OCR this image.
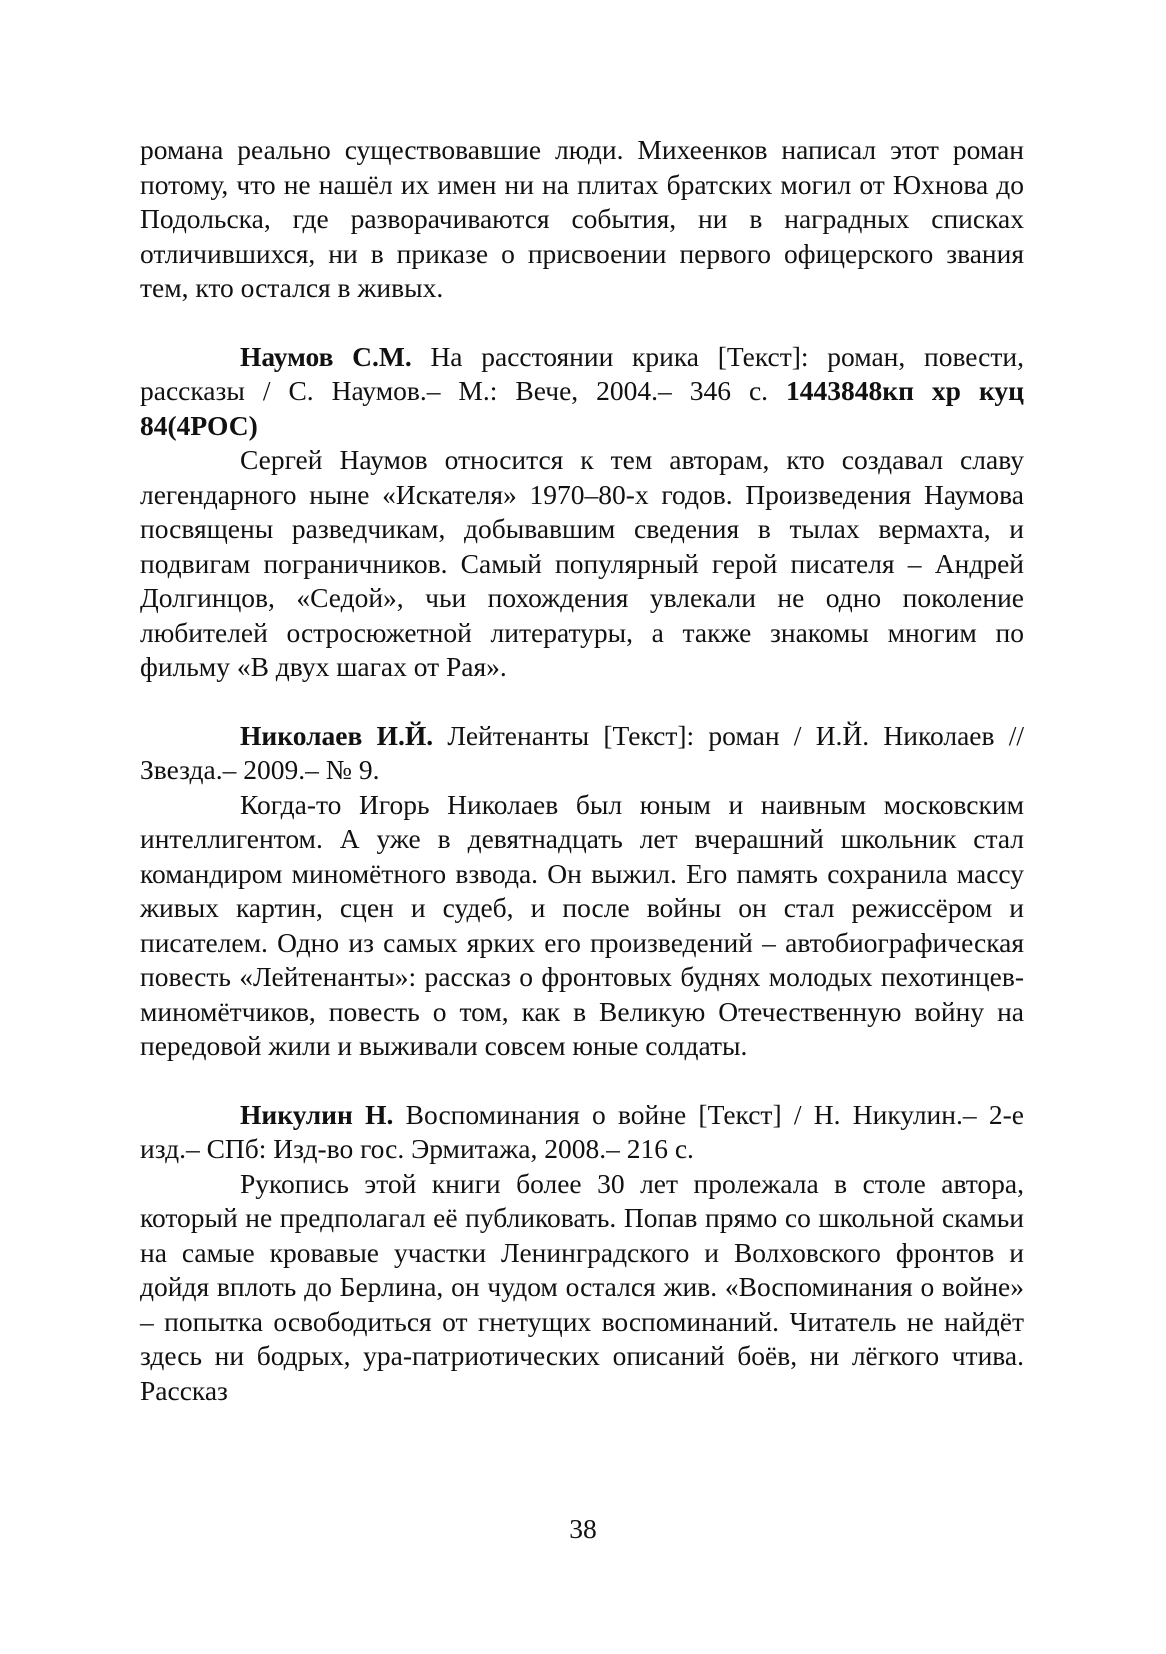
романа реально существовавшие люди. Михеенков написал этот роман потому, что не нашёл их имен ни на плитах братских могил от Юхнова до Подольска, где разворачиваются события, ни в наградных списках отличившихся, ни в приказе о присвоении первого офицерского звания тем, кто остался в живых.

Наумов С.М. На расстоянии крика [Текст]: роман, повести, рассказы / С. Наумов.– М.: Вече, 2004.– 346 с. 1443848кп хр куц 84(4РОС)

Сергей Наумов относится к тем авторам, кто создавал славу легендарного ныне «Искателя» 1970–80-х годов. Произведения Наумова посвящены разведчикам, добывавшим сведения в тылах вермахта, и подвигам пограничников. Самый популярный герой писателя – Андрей Долгинцов, «Седой», чьи похождения увлекали не одно поколение любителей остросюжетной литературы, а также знакомы многим по фильму «В двух шагах от Рая».

Николаев И.Й. Лейтенанты [Текст]: роман / И.Й. Николаев // Звезда.– 2009.– № 9.

Когда-то Игорь Николаев был юным и наивным московским интеллигентом. А уже в девятнадцать лет вчерашний школьник стал командиром миномётного взвода. Он выжил. Его память сохранила массу живых картин, сцен и судеб, и после войны он стал режиссёром и писателем. Одно из самых ярких его произведений – автобиографическая повесть «Лейтенанты»: рассказ о фронтовых буднях молодых пехотинцев-миномётчиков, повесть о том, как в Великую Отечественную войну на передовой жили и выживали совсем юные солдаты.

Никулин Н. Воспоминания о войне [Текст] / Н. Никулин.– 2-е изд.– СПб: Изд-во гос. Эрмитажа, 2008.– 216 с.

Рукопись этой книги более 30 лет пролежала в столе автора, который не предполагал её публиковать. Попав прямо со школьной скамьи на самые кровавые участки Ленинградского и Волховского фронтов и дойдя вплоть до Берлина, он чудом остался жив. «Воспоминания о войне» – попытка освободиться от гнетущих воспоминаний. Читатель не найдёт здесь ни бодрых, ура-патриотических описаний боёв, ни лёгкого чтива. Рассказ

38
